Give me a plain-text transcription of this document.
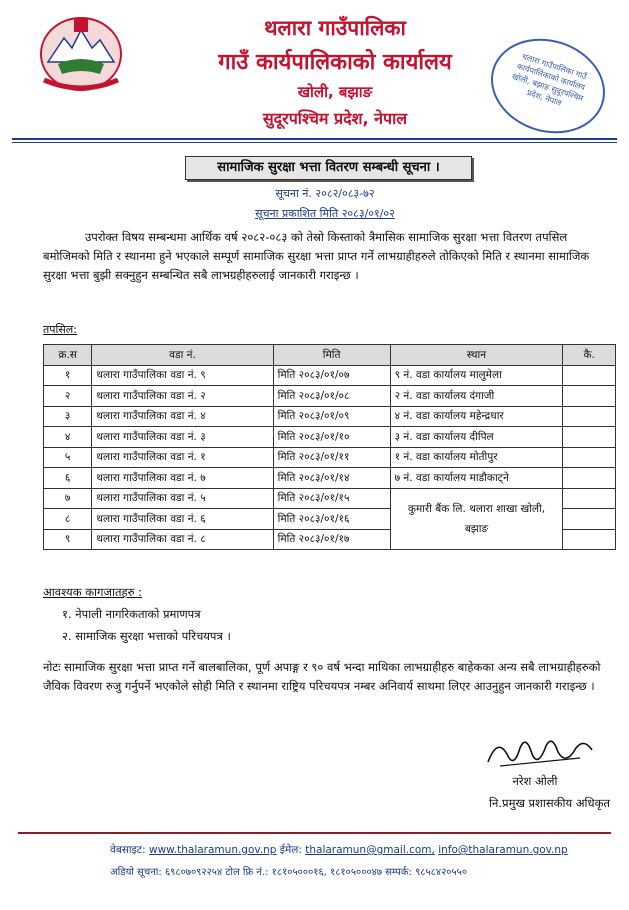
थलारा गाउँपालिका
गाउँ कार्यपालिकाको कार्यालय
खोली, बझाङ
सुदूरपश्चिम प्रदेश, नेपाल
थलारा गाउँपालिका गाउँ कार्यपालिकाको कार्यालय खोली, बझाङ सुदूरपश्चिम प्रदेश, नेपाल
सामाजिक सुरक्षा भत्ता वितरण सम्बन्धी सूचना ।
सूचना नं. २०८२/०८३-७२
सूचना प्रकाशित मिति २०८३/०१/०२
उपरोक्त विषय सम्बन्धमा आर्थिक वर्ष २०८२-०८३ को तेस्रो किस्ताको त्रैमासिक सामाजिक सुरक्षा भत्ता वितरण तपसिल बमोजिमको मिति र स्थानमा हुने भएकाले सम्पूर्ण सामाजिक सुरक्षा भत्ता प्राप्त गर्ने लाभग्राहीहरुले तोकिएको मिति र स्थानमा सामाजिक सुरक्षा भत्ता बुझी सक्नुहुन सम्बन्धित सबै लाभग्रहीहरुलाई जानकारी गराइन्छ ।
तपसिल:
क्र.स	वडा नं.	मिति	स्थान	कै.
१	थलारा गाउँपालिका वडा नं. ९	मिति २०८३/०१/०७	९ नं. वडा कार्यालय मालुमेला	
२	थलारा गाउँपालिका वडा नं. २	मिति २०८३/०१/०८	२ नं. वडा कार्यालय दंगाजी	
३	थलारा गाउँपालिका वडा नं. ४	मिति २०८३/०१/०९	४ नं. वडा कार्यालय महेन्द्रधार	
४	थलारा गाउँपालिका वडा नं. ३	मिति २०८३/०१/१०	३ नं. वडा कार्यालय दीपिल	
५	थलारा गाउँपालिका वडा नं. १	मिति २०८३/०१/११	१ नं. वडा कार्यालय मोतीपुर	
६	थलारा गाउँपालिका वडा नं. ७	मिति २०८३/०१/१४	७ नं. वडा कार्यालय माडौकाट्ने	
७	थलारा गाउँपालिका वडा नं. ५	मिति २०८३/०१/१५	कुमारी बैंक लि. थलारा शाखा खोली, बझाङ	
८	थलारा गाउँपालिका वडा नं. ६	मिति २०८३/०१/१६		
९	थलारा गाउँपालिका वडा नं. ८	मिति २०८३/०१/१७		
आवश्यक कागजातहरु :
१. नेपाली नागरिकताको प्रमाणपत्र
२. सामाजिक सुरक्षा भत्ताको परिचयपत्र ।
नोटः सामाजिक सुरक्षा भत्ता प्राप्त गर्ने बालबालिका, पूर्ण अपाङ्ग र ९० वर्ष भन्दा माथिका लाभग्राहीहरु बाहेकका अन्य सबै लाभग्राहीहरुको जैविक विवरण रुजु गर्नुपर्ने भएकोले सोही मिति र स्थानमा राष्ट्रिय परिचयपत्र नम्बर अनिवार्य साथमा लिएर आउनुहुन जानकारी गराइन्छ ।
नरेश ओली
नि.प्रमुख प्रशासकीय अधिकृत
वेबसाइट: www.thalaramun.gov.np ईमेल: thalaramun@gmail.com, info@thalaramun.gov.np
अडियो सूचना: ६९८०७०९२२५४ टोल फ्रि नं.: १८१०५०००१६, १८१०५०००४७ सम्पर्क: ९८५८४२०५५०
